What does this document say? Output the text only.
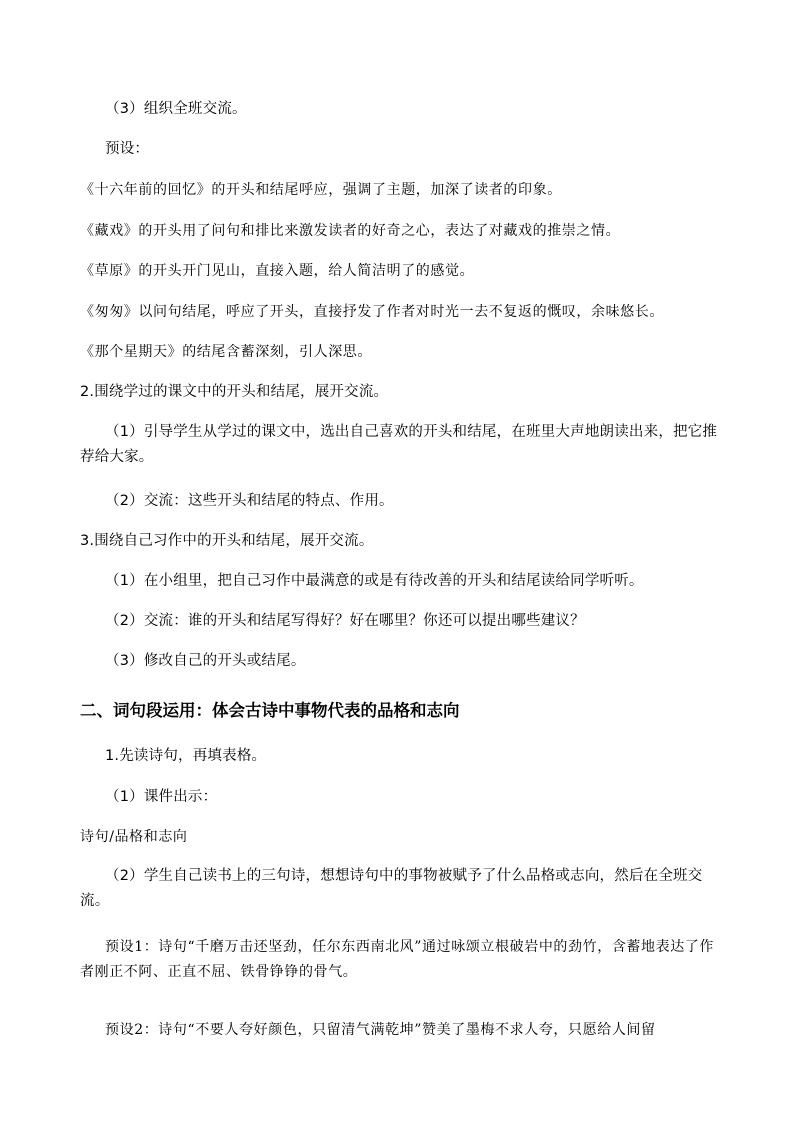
（3）组织全班交流。
预设：
《十六年前的回忆》的开头和结尾呼应，强调了主题，加深了读者的印象。
《藏戏》的开头用了问句和排比来激发读者的好奇之心，表达了对藏戏的推崇之情。
《草原》的开头开门见山，直接入题，给人简洁明了的感觉。
《匆匆》以问句结尾，呼应了开头，直接抒发了作者对时光一去不复返的慨叹，余味悠长。
《那个星期天》的结尾含蓄深刻，引人深思。
2.围绕学过的课文中的开头和结尾，展开交流。
（1）引导学生从学过的课文中，选出自己喜欢的开头和结尾，在班里大声地朗读出来，把它推荐给大家。
（2）交流：这些开头和结尾的特点、作用。
3.围绕自己习作中的开头和结尾，展开交流。
（1）在小组里，把自己习作中最满意的或是有待改善的开头和结尾读给同学听听。
（2）交流：谁的开头和结尾写得好？好在哪里？你还可以提出哪些建议？
（3）修改自己的开头或结尾。
二、词句段运用：体会古诗中事物代表的品格和志向
1.先读诗句，再填表格。
（1）课件出示：
诗句/品格和志向
（2）学生自己读书上的三句诗，想想诗句中的事物被赋予了什么品格或志向，然后在全班交流。
预设1：诗句“千磨万击还坚劲，任尔东西南北风”通过咏颂立根破岩中的劲竹，含蓄地表达了作者刚正不阿、正直不屈、铁骨铮铮的骨气。
预设2：诗句“不要人夸好颜色，只留清气满乾坤”赞美了墨梅不求人夸，只愿给人间留
